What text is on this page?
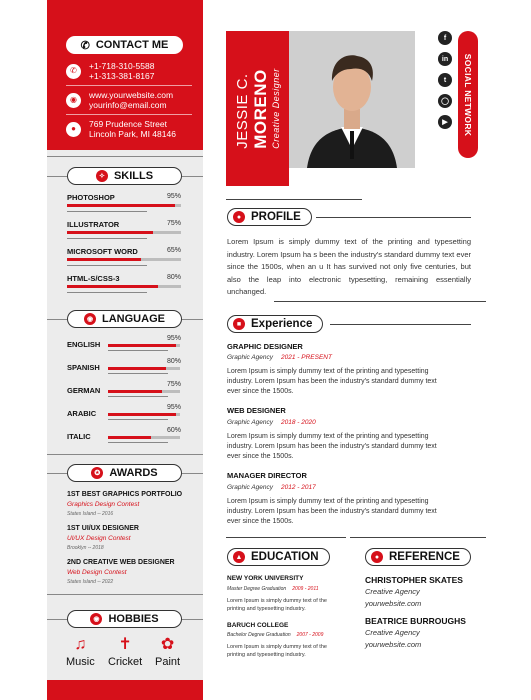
✆ CONTACT ME
✆	+1-718-310-5588
+1-313-381-8167
◉	www.yourwebsite.com
yourinfo@email.com
●	769 Prudence Street
Lincoln Park, MI 48146
✧ SKILLS
PHOTOSHOP	95%
ILLUSTRATOR	75%
MICROSOFT WORD	65%
HTML-S/CSS-3	80%
◉ LANGUAGE
ENGLISH
95%
SPANISH
80%
GERMAN
75%
ARABIC
95%
ITALIC
60%
✪ AWARDS
1ST BEST GRAPHICS PORTFOLIO
Graphics Design Contest
States Island -- 2016
1ST UI/UX DESIGNER
UI/UX Design Contest
Brooklyn -- 2018
2ND CREATIVE WEB DESIGNER
Web Design Contest
States Island -- 2022
◉ HOBBIES
♫
Music
✝
Cricket
✿
Paint
JESSIE C. MORENO Creative Designer
f
in
t
◯
▶	SOCIAL NETWORK
● PROFILE
Lorem Ipsum is simply dummy text of the printing and typesetting industry. Lorem Ipsum ha s been the industry's standard dummy text ever since the 1500s, when an u It has survived not only five centuries, but also the leap into electronic typesetting, remaining essentially unchanged.
■ Experience
GRAPHIC DESIGNER
Graphic Agency 2021 - PRESENT
Lorem Ipsum is simply dummy text of the printing and typesetting industry. Lorem Ipsum has been the industry's standard dummy text ever since the 1500s.
WEB DESIGNER
Graphic Agency 2018 - 2020
Lorem Ipsum is simply dummy text of the printing and typesetting industry. Lorem Ipsum has been the industry's standard dummy text ever since the 1500s.
MANAGER DIRECTOR
Graphic Agency 2012 - 2017
Lorem Ipsum is simply dummy text of the printing and typesetting industry. Lorem Ipsum has been the industry's standard dummy text ever since the 1500s.
▲ EDUCATION
NEW YORK UNIVERSITY
Master Degree Graduation 2009 - 2011
Lorem Ipsum is simply dummy text of the printing and typesetting industry.
BARUCH COLLEGE
Bachelor Degree Graduation 2007 - 2009
Lorem Ipsum is simply dummy text of the printing and typesetting industry.
● REFERENCE
CHRISTOPHER SKATES
Creative Agency
yourwebsite.com
BEATRICE BURROUGHS
Creative Agency
yourwebsite.com
